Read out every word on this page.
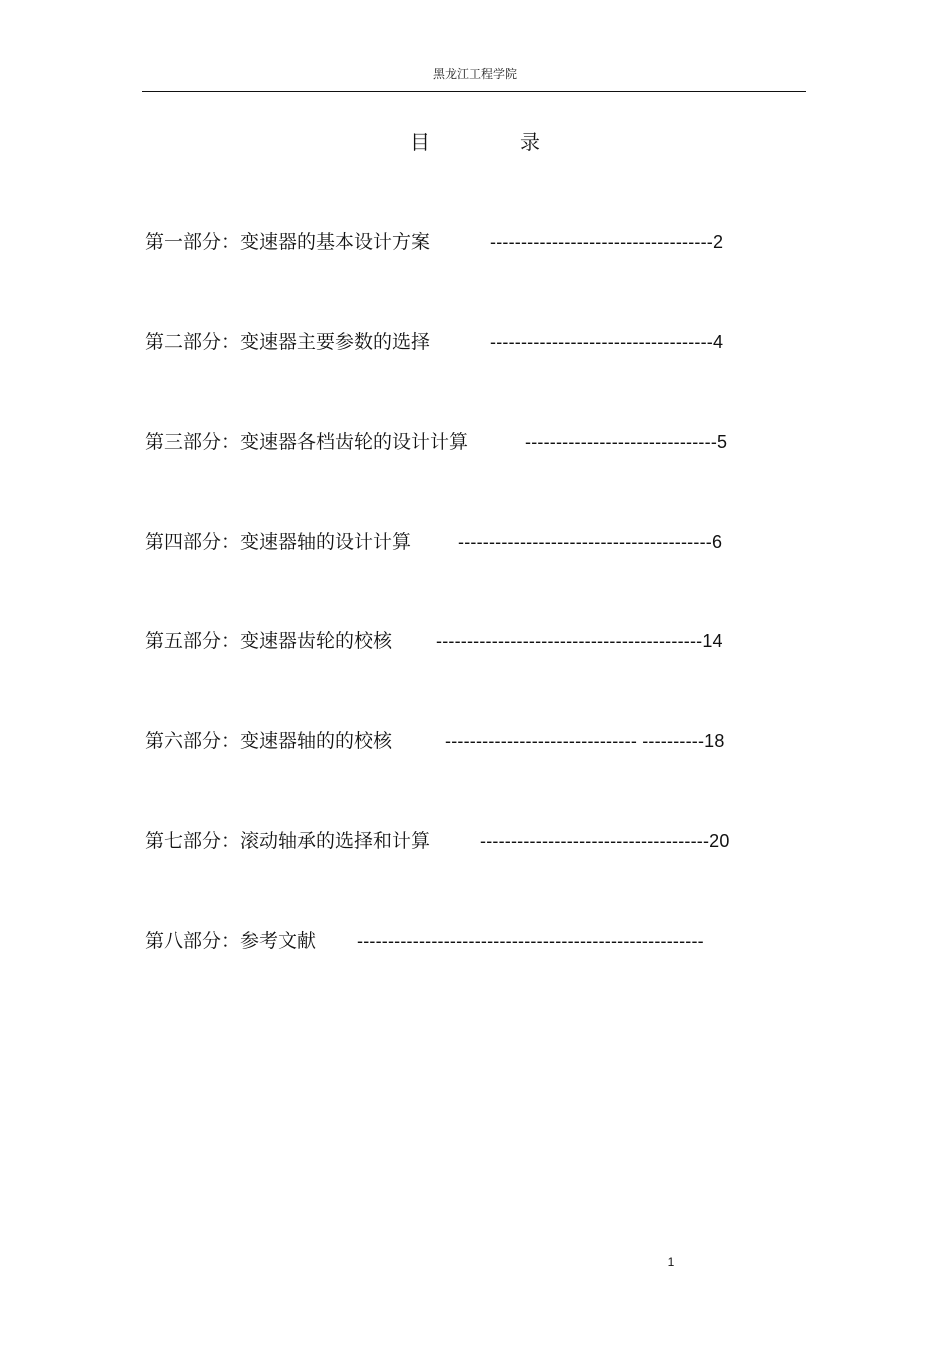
黑龙江工程学院
目	录
第一部分：变速器的基本设计方案	------------------------------------2
第二部分：变速器主要参数的选择	------------------------------------4
第三部分：变速器各档齿轮的设计计算	-------------------------------5
第四部分：变速器轴的设计计算	-----------------------------------------6
第五部分：变速器齿轮的校核 -------------------------------------------14
第六部分：变速器轴的的校核	------------------------------- ----------18
第七部分：滚动轴承的选择和计算	-------------------------------------20
第八部分：参考文献 --------------------------------------------------------
1
